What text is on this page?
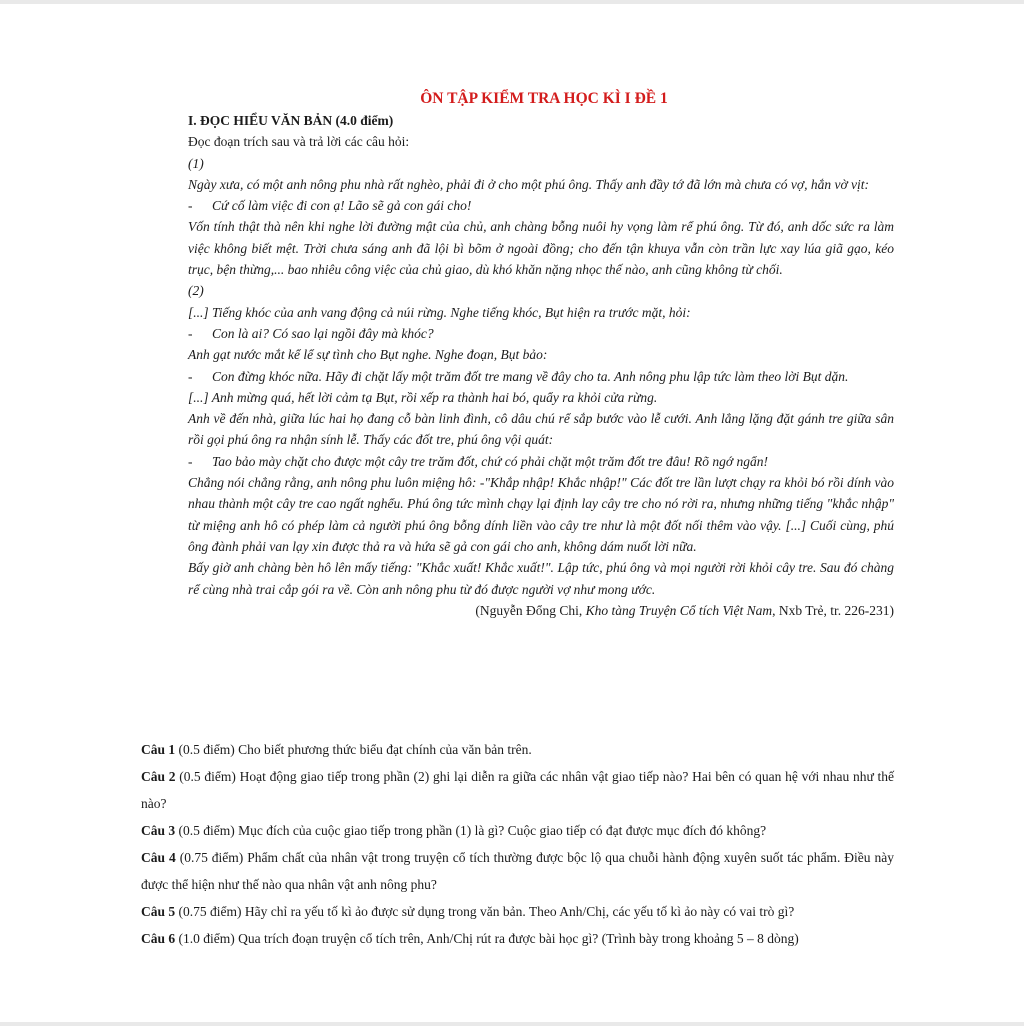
ÔN TẬP KIỂM TRA HỌC KÌ I ĐỀ 1

I. ĐỌC HIỂU VĂN BẢN (4.0 điểm)

Đọc đoạn trích sau và trả lời các câu hỏi:

(1)

Ngày xưa, có một anh nông phu nhà rất nghèo, phải đi ở cho một phú ông. Thấy anh đầy tớ đã lớn mà chưa có vợ, hắn vờ vịt:

-	Cứ cố làm việc đi con ạ! Lão sẽ gả con gái cho!

Vốn tính thật thà nên khi nghe lời đường mật của chủ, anh chàng bỗng nuôi hy vọng làm rể phú ông. Từ đó, anh dốc sức ra làm việc không biết mệt. Trời chưa sáng anh đã lội bì bõm ở ngoài đồng; cho đến tận khuya vẫn còn trần lực xay lúa giã gạo, kéo trục, bện thừng,... bao nhiêu công việc của chủ giao, dù khó khăn nặng nhọc thế nào, anh cũng không từ chối.

(2)

[...] Tiếng khóc của anh vang động cả núi rừng. Nghe tiếng khóc, Bụt hiện ra trước mặt, hỏi:

-	Con là ai? Có sao lại ngồi đây mà khóc?

Anh gạt nước mắt kể lể sự tình cho Bụt nghe. Nghe đoạn, Bụt bảo:

-	Con đừng khóc nữa. Hãy đi chặt lấy một trăm đốt tre mang về đây cho ta. Anh nông phu lập tức làm theo lời Bụt dặn.

[...] Anh mừng quá, hết lời cảm tạ Bụt, rồi xếp ra thành hai bó, quẩy ra khỏi cửa rừng.

Anh về đến nhà, giữa lúc hai họ đang cỗ bàn linh đình, cô dâu chú rể sắp bước vào lễ cưới. Anh lẳng lặng đặt gánh tre giữa sân rồi gọi phú ông ra nhận sính lễ. Thấy các đốt tre, phú ông vội quát:

-	Tao bảo mày chặt cho được một cây tre trăm đốt, chứ có phải chặt một trăm đốt tre đâu! Rõ ngớ ngẩn!

Chẳng nói chẳng rằng, anh nông phu luôn miệng hô: -"Khắp nhập! Khắc nhập!" Các đốt tre lần lượt chạy ra khỏi bó rồi dính vào nhau thành một cây tre cao ngất nghểu. Phú ông tức mình chạy lại định lay cây tre cho nó rời ra, nhưng những tiếng "khắc nhập" từ miệng anh hô có phép làm cả người phú ông bỗng dính liền vào cây tre như là một đốt nối thêm vào vậy. [...] Cuối cùng, phú ông đành phải van lạy xin được thả ra và hứa sẽ gả con gái cho anh, không dám nuốt lời nữa.

Bấy giờ anh chàng bèn hô lên mấy tiếng: "Khắc xuất! Khắc xuất!". Lập tức, phú ông và mọi người rời khỏi cây tre. Sau đó chàng rể cùng nhà trai cắp gói ra về. Còn anh nông phu từ đó được người vợ như mong ước.

(Nguyễn Đổng Chi, Kho tàng Truyện Cổ tích Việt Nam, Nxb Trẻ, tr. 226-231)

Câu 1 (0.5 điểm) Cho biết phương thức biểu đạt chính của văn bản trên.

Câu 2 (0.5 điểm) Hoạt động giao tiếp trong phần (2) ghi lại diễn ra giữa các nhân vật giao tiếp nào? Hai bên có quan hệ với nhau như thế nào?

Câu 3 (0.5 điểm) Mục đích của cuộc giao tiếp trong phần (1) là gì? Cuộc giao tiếp có đạt được mục đích đó không?

Câu 4 (0.75 điểm) Phẩm chất của nhân vật trong truyện cổ tích thường được bộc lộ qua chuỗi hành động xuyên suốt tác phẩm. Điều này được thể hiện như thế nào qua nhân vật anh nông phu?

Câu 5 (0.75 điểm) Hãy chỉ ra yếu tố kì ảo được sử dụng trong văn bản. Theo Anh/Chị, các yếu tố kì ảo này có vai trò gì?

Câu 6 (1.0 điểm) Qua trích đoạn truyện cổ tích trên, Anh/Chị rút ra được bài học gì? (Trình bày trong khoảng 5 – 8 dòng)
